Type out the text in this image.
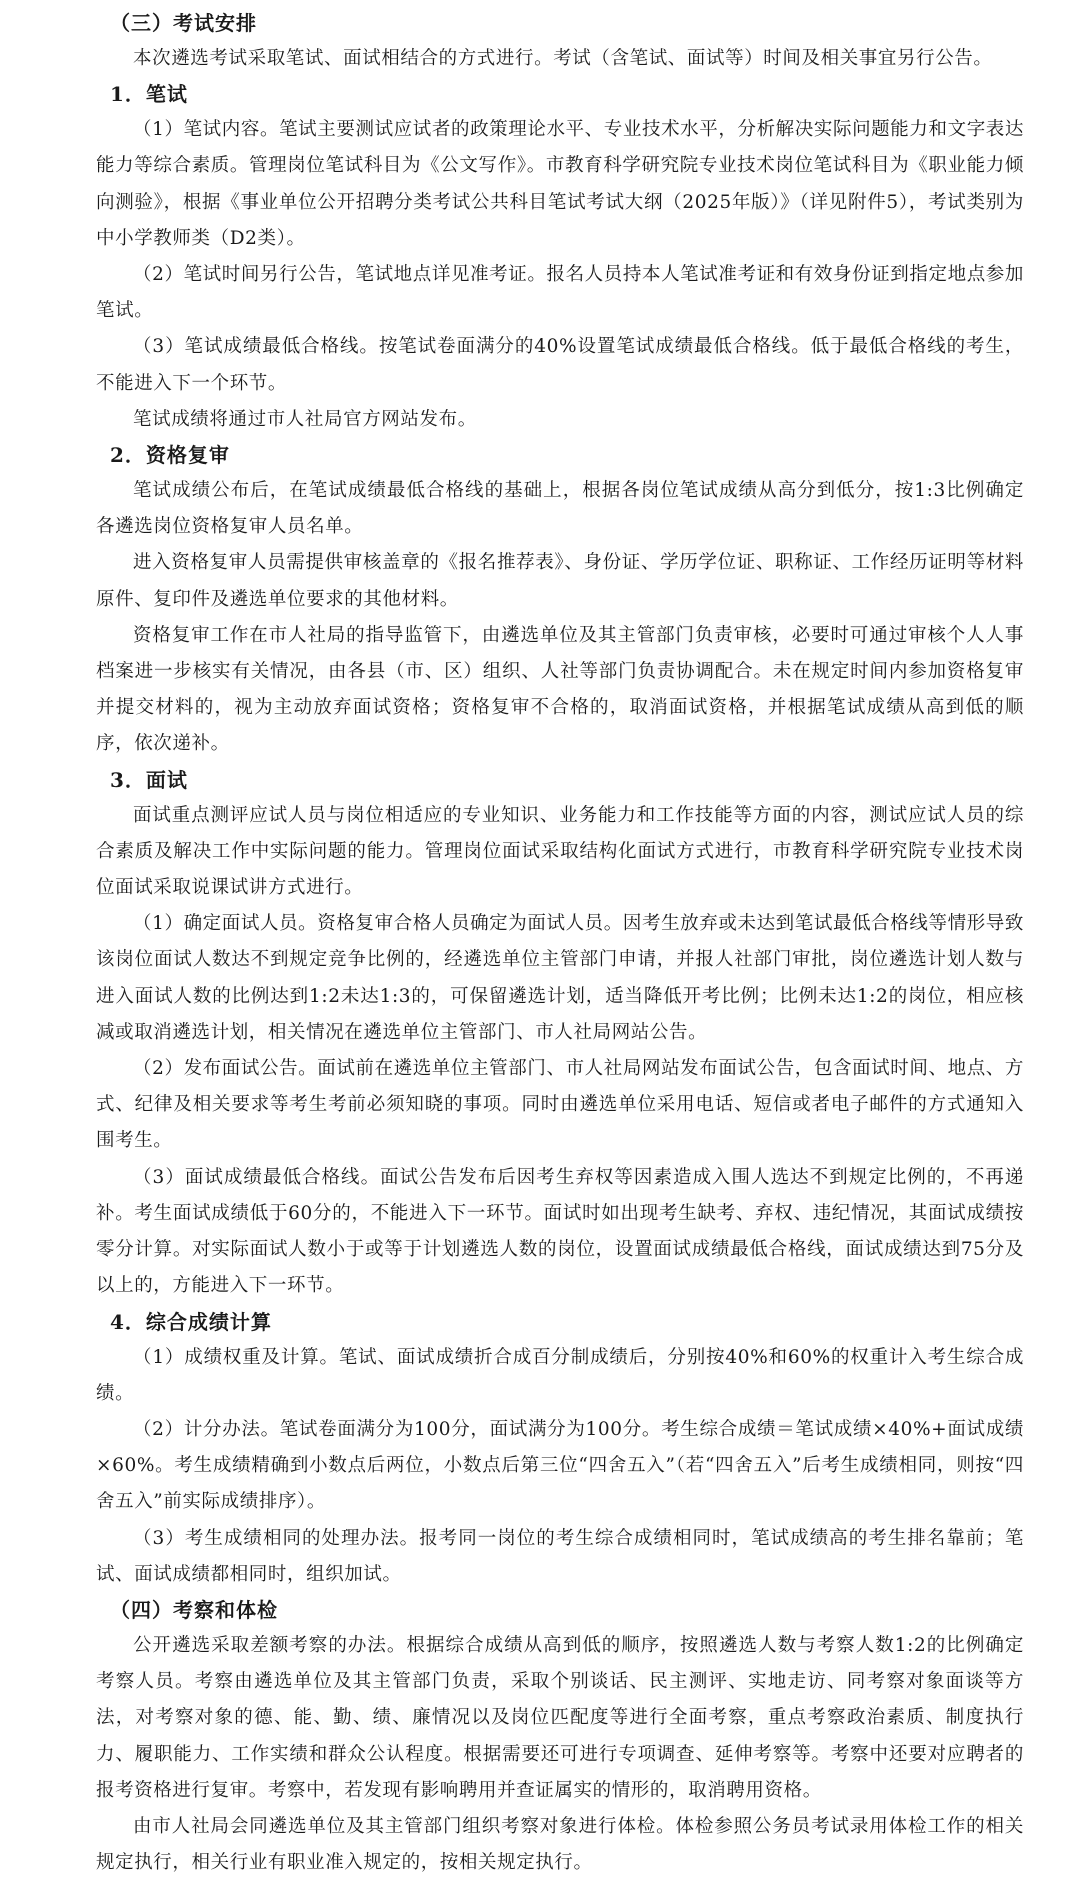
（三）考试安排

本次遴选考试采取笔试、面试相结合的方式进行。考试（含笔试、面试等）时间及相关事宜另行公告。

1．笔试

（1）笔试内容。笔试主要测试应试者的政策理论水平、专业技术水平，分析解决实际问题能力和文字表达能力等综合素质。管理岗位笔试科目为《公文写作》。市教育科学研究院专业技术岗位笔试科目为《职业能力倾向测验》，根据《事业单位公开招聘分类考试公共科目笔试考试大纲（2025年版）》（详见附件5），考试类别为中小学教师类（D2类）。

（2）笔试时间另行公告，笔试地点详见准考证。报名人员持本人笔试准考证和有效身份证到指定地点参加笔试。

（3）笔试成绩最低合格线。按笔试卷面满分的40%设置笔试成绩最低合格线。低于最低合格线的考生，不能进入下一个环节。

笔试成绩将通过市人社局官方网站发布。

2．资格复审

笔试成绩公布后，在笔试成绩最低合格线的基础上，根据各岗位笔试成绩从高分到低分，按1:3比例确定各遴选岗位资格复审人员名单。

进入资格复审人员需提供审核盖章的《报名推荐表》、身份证、学历学位证、职称证、工作经历证明等材料原件、复印件及遴选单位要求的其他材料。

资格复审工作在市人社局的指导监管下，由遴选单位及其主管部门负责审核，必要时可通过审核个人人事档案进一步核实有关情况，由各县（市、区）组织、人社等部门负责协调配合。未在规定时间内参加资格复审并提交材料的，视为主动放弃面试资格；资格复审不合格的，取消面试资格，并根据笔试成绩从高到低的顺序，依次递补。

3．面试

面试重点测评应试人员与岗位相适应的专业知识、业务能力和工作技能等方面的内容，测试应试人员的综合素质及解决工作中实际问题的能力。管理岗位面试采取结构化面试方式进行，市教育科学研究院专业技术岗位面试采取说课试讲方式进行。

（1）确定面试人员。资格复审合格人员确定为面试人员。因考生放弃或未达到笔试最低合格线等情形导致该岗位面试人数达不到规定竞争比例的，经遴选单位主管部门申请，并报人社部门审批，岗位遴选计划人数与进入面试人数的比例达到1:2未达1:3的，可保留遴选计划，适当降低开考比例；比例未达1:2的岗位，相应核减或取消遴选计划，相关情况在遴选单位主管部门、市人社局网站公告。

（2）发布面试公告。面试前在遴选单位主管部门、市人社局网站发布面试公告，包含面试时间、地点、方式、纪律及相关要求等考生考前必须知晓的事项。同时由遴选单位采用电话、短信或者电子邮件的方式通知入围考生。

（3）面试成绩最低合格线。面试公告发布后因考生弃权等因素造成入围人选达不到规定比例的，不再递补。考生面试成绩低于60分的，不能进入下一环节。面试时如出现考生缺考、弃权、违纪情况，其面试成绩按零分计算。对实际面试人数小于或等于计划遴选人数的岗位，设置面试成绩最低合格线，面试成绩达到75分及以上的，方能进入下一环节。

4．综合成绩计算

（1）成绩权重及计算。笔试、面试成绩折合成百分制成绩后，分别按40%和60%的权重计入考生综合成绩。

（2）计分办法。笔试卷面满分为100分，面试满分为100分。考生综合成绩＝笔试成绩×40%+面试成绩×60%。考生成绩精确到小数点后两位，小数点后第三位“四舍五入”（若“四舍五入”后考生成绩相同，则按“四舍五入”前实际成绩排序）。

（3）考生成绩相同的处理办法。报考同一岗位的考生综合成绩相同时，笔试成绩高的考生排名靠前；笔试、面试成绩都相同时，组织加试。

（四）考察和体检

公开遴选采取差额考察的办法。根据综合成绩从高到低的顺序，按照遴选人数与考察人数1:2的比例确定考察人员。考察由遴选单位及其主管部门负责，采取个别谈话、民主测评、实地走访、同考察对象面谈等方法，对考察对象的德、能、勤、绩、廉情况以及岗位匹配度等进行全面考察，重点考察政治素质、制度执行力、履职能力、工作实绩和群众公认程度。根据需要还可进行专项调查、延伸考察等。考察中还要对应聘者的报考资格进行复审。考察中，若发现有影响聘用并查证属实的情形的，取消聘用资格。

由市人社局会同遴选单位及其主管部门组织考察对象进行体检。体检参照公务员考试录用体检工作的相关规定执行，相关行业有职业准入规定的，按相关规定执行。
